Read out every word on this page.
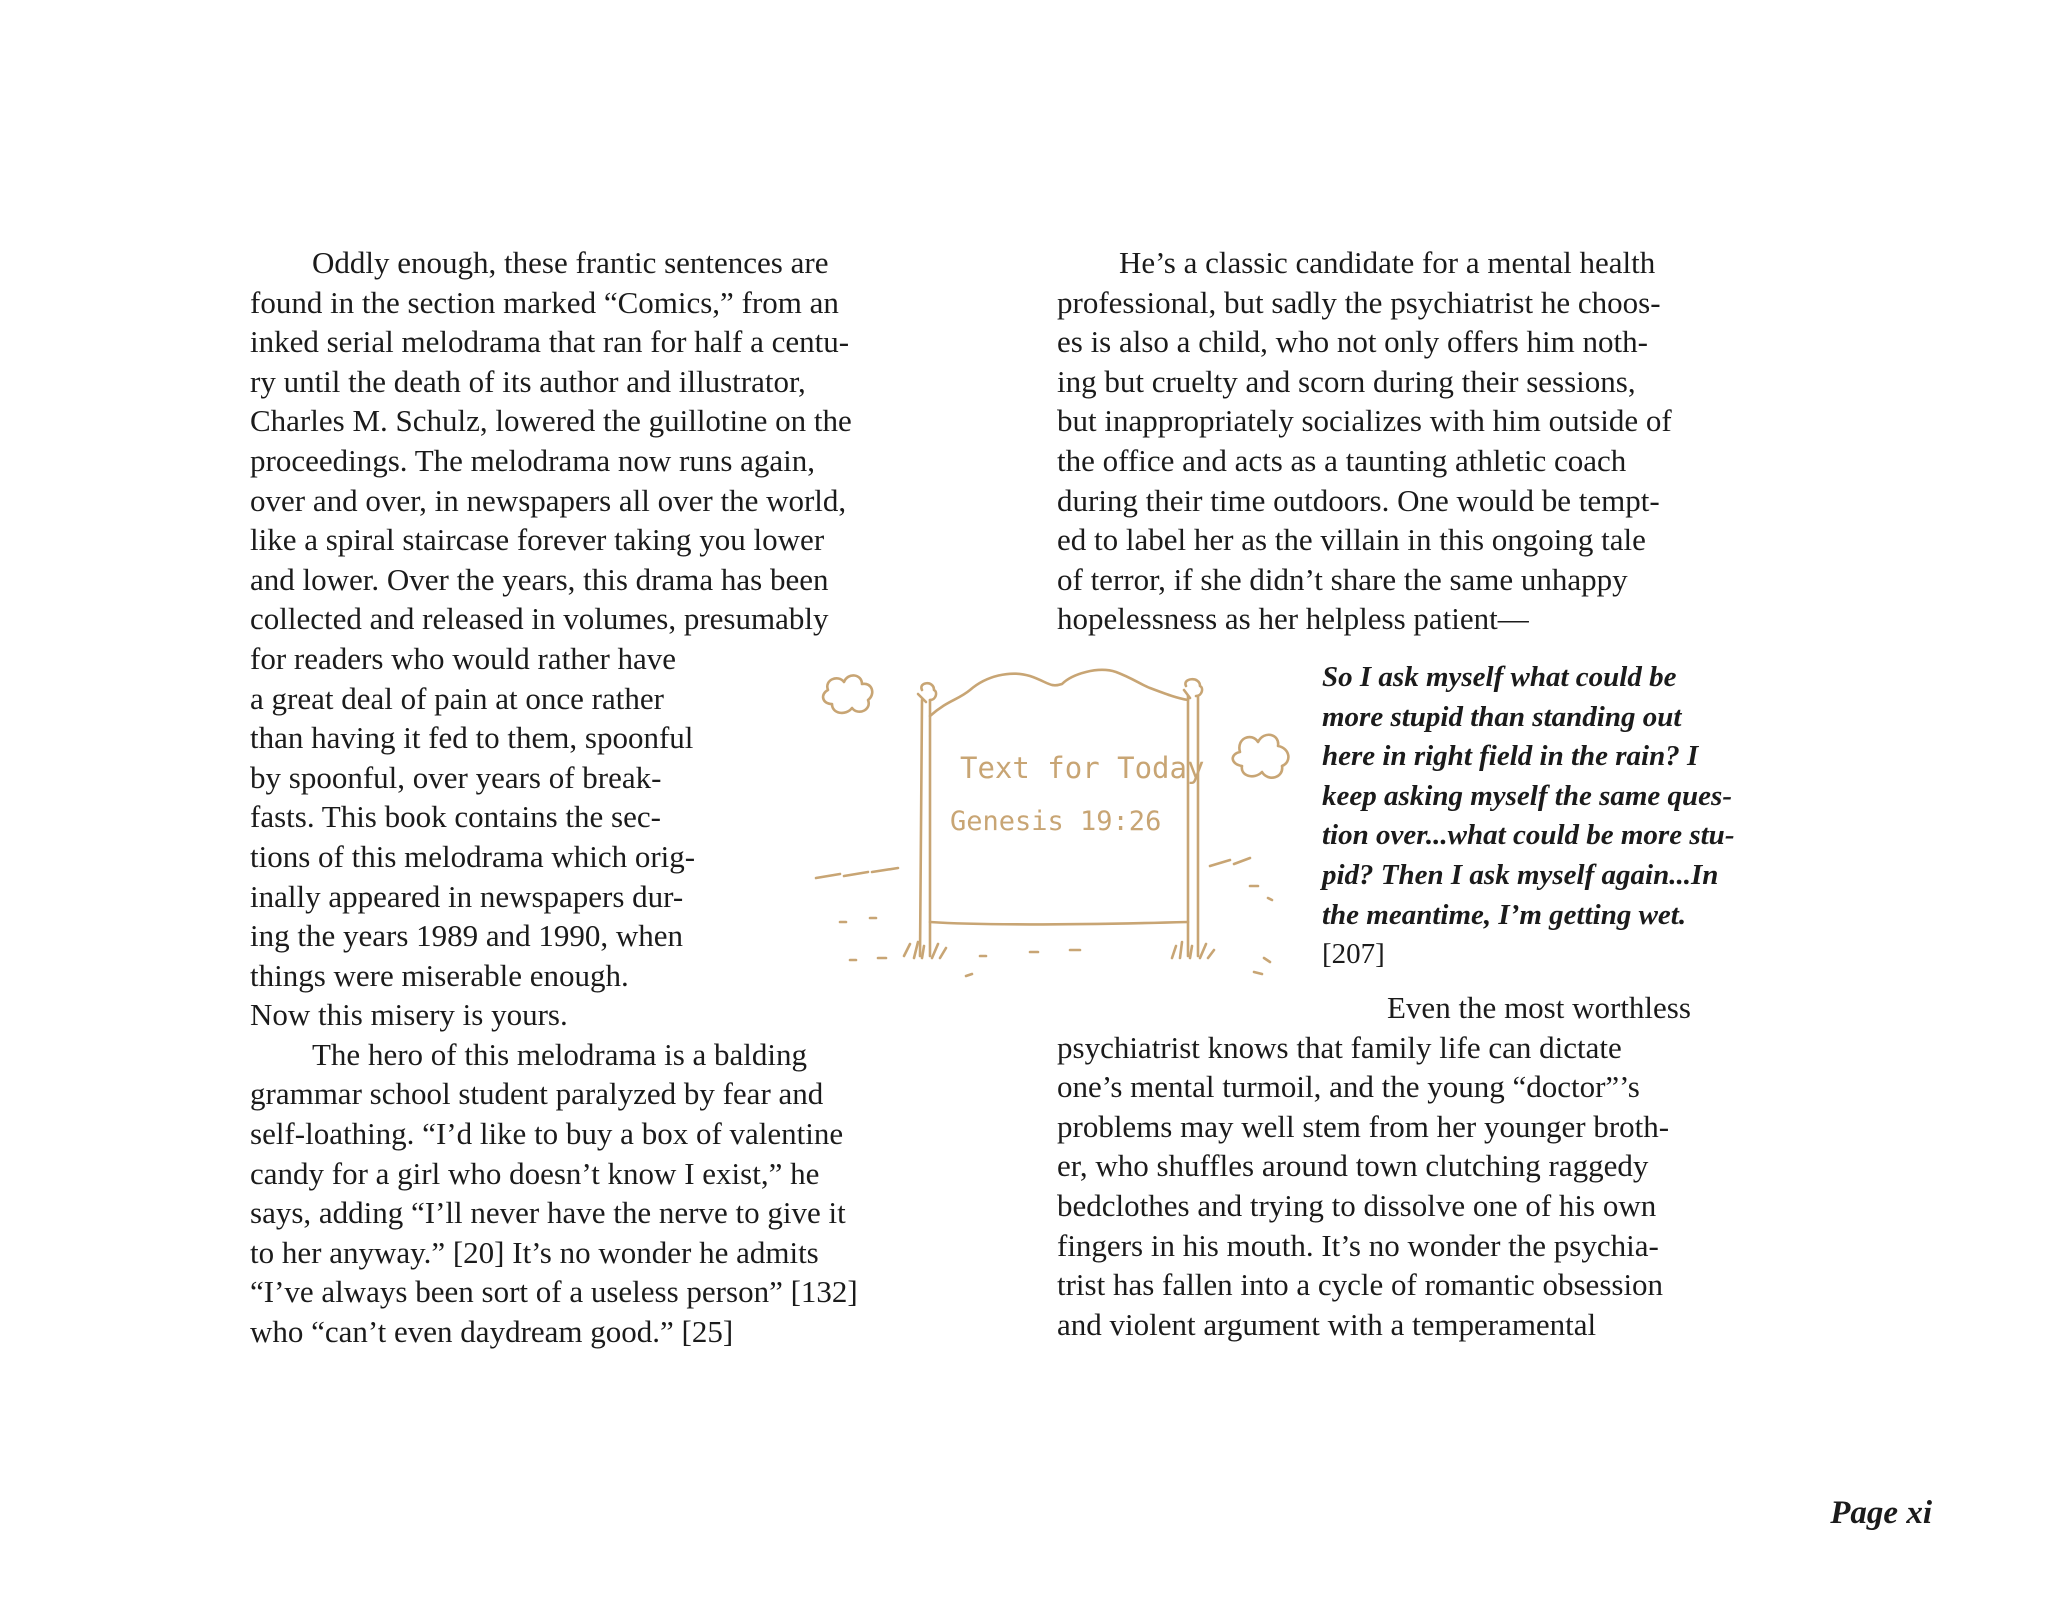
Oddly enough, these frantic sentences are
found in the section marked “Comics,” from an
inked serial melodrama that ran for half a centu-
ry until the death of its author and illustrator,
Charles M. Schulz, lowered the guillotine on the
proceedings. The melodrama now runs again,
over and over, in newspapers all over the world,
like a spiral staircase forever taking you lower
and lower. Over the years, this drama has been
collected and released in volumes, presumably
for readers who would rather have
a great deal of pain at once rather
than having it fed to them, spoonful
by spoonful, over years of break-
fasts. This book contains the sec-
tions of this melodrama which orig-
inally appeared in newspapers dur-
ing the years 1989 and 1990, when
things were miserable enough.
Now this misery is yours.
The hero of this melodrama is a balding
grammar school student paralyzed by fear and
self-loathing. “I’d like to buy a box of valentine
candy for a girl who doesn’t know I exist,” he
says, adding “I’ll never have the nerve to give it
to her anyway.” [20] It’s no wonder he admits
“I’ve always been sort of a useless person” [132]
who “can’t even daydream good.” [25]
He’s a classic candidate for a mental health
professional, but sadly the psychiatrist he choos-
es is also a child, who not only offers him noth-
ing but cruelty and scorn during their sessions,
but inappropriately socializes with him outside of
the office and acts as a taunting athletic coach
during their time outdoors. One would be tempt-
ed to label her as the villain in this ongoing tale
of terror, if she didn’t share the same unhappy
hopelessness as her helpless patient—
So I ask myself what could be
more stupid than standing out
here in right field in the rain? I
keep asking myself the same ques-
tion over...what could be more stu-
pid? Then I ask myself again...In
the meantime, I’m getting wet.
[207]
Even the most worthless
psychiatrist knows that family life can dictate
one’s mental turmoil, and the young “doctor”’s
problems may well stem from her younger broth-
er, who shuffles around town clutching raggedy
bedclothes and trying to dissolve one of his own
fingers in his mouth. It’s no wonder the psychia-
trist has fallen into a cycle of romantic obsession
and violent argument with a temperamental
Text for Today
Genesis 19:26
Page xi
